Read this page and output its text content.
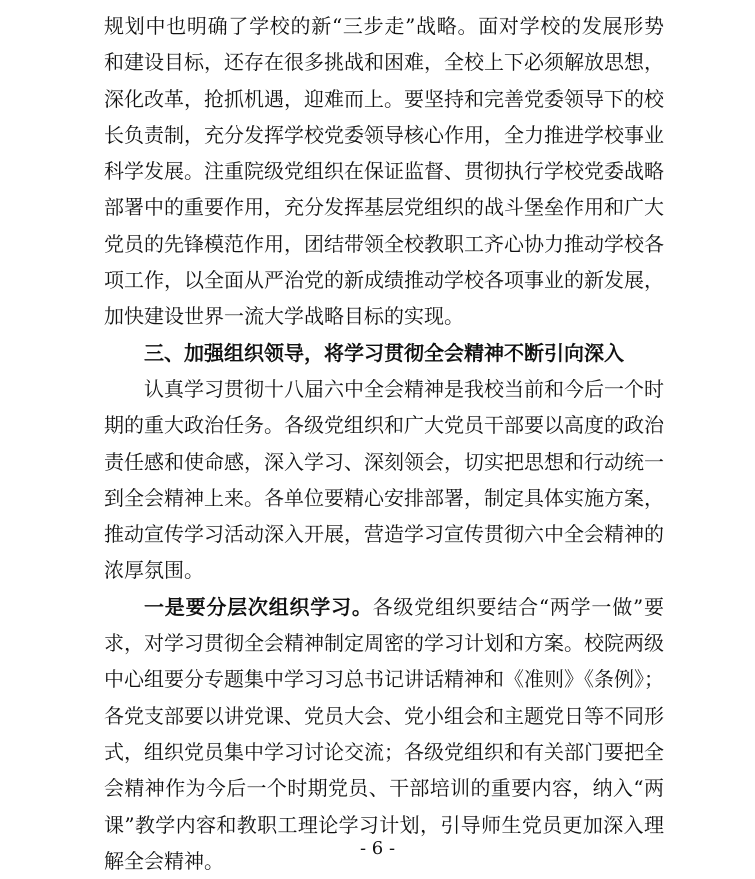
规划中也明确了学校的新“三步走”战略。面对学校的发展形势和建设目标，还存在很多挑战和困难，全校上下必须解放思想，深化改革，抢抓机遇，迎难而上。要坚持和完善党委领导下的校长负责制，充分发挥学校党委领导核心作用，全力推进学校事业科学发展。注重院级党组织在保证监督、贯彻执行学校党委战略部署中的重要作用，充分发挥基层党组织的战斗堡垒作用和广大党员的先锋模范作用，团结带领全校教职工齐心协力推动学校各项工作，以全面从严治党的新成绩推动学校各项事业的新发展，加快建设世界一流大学战略目标的实现。

三、加强组织领导，将学习贯彻全会精神不断引向深入

认真学习贯彻十八届六中全会精神是我校当前和今后一个时期的重大政治任务。各级党组织和广大党员干部要以高度的政治责任感和使命感，深入学习、深刻领会，切实把思想和行动统一到全会精神上来。各单位要精心安排部署，制定具体实施方案，推动宣传学习活动深入开展，营造学习宣传贯彻六中全会精神的浓厚氛围。

一是要分层次组织学习。各级党组织要结合“两学一做”要求，对学习贯彻全会精神制定周密的学习计划和方案。校院两级中心组要分专题集中学习习总书记讲话精神和《准则》《条例》；各党支部要以讲党课、党员大会、党小组会和主题党日等不同形式，组织党员集中学习讨论交流；各级党组织和有关部门要把全会精神作为今后一个时期党员、干部培训的重要内容，纳入“两课”教学内容和教职工理论学习计划，引导师生党员更加深入理解全会精神。

- 6 -
